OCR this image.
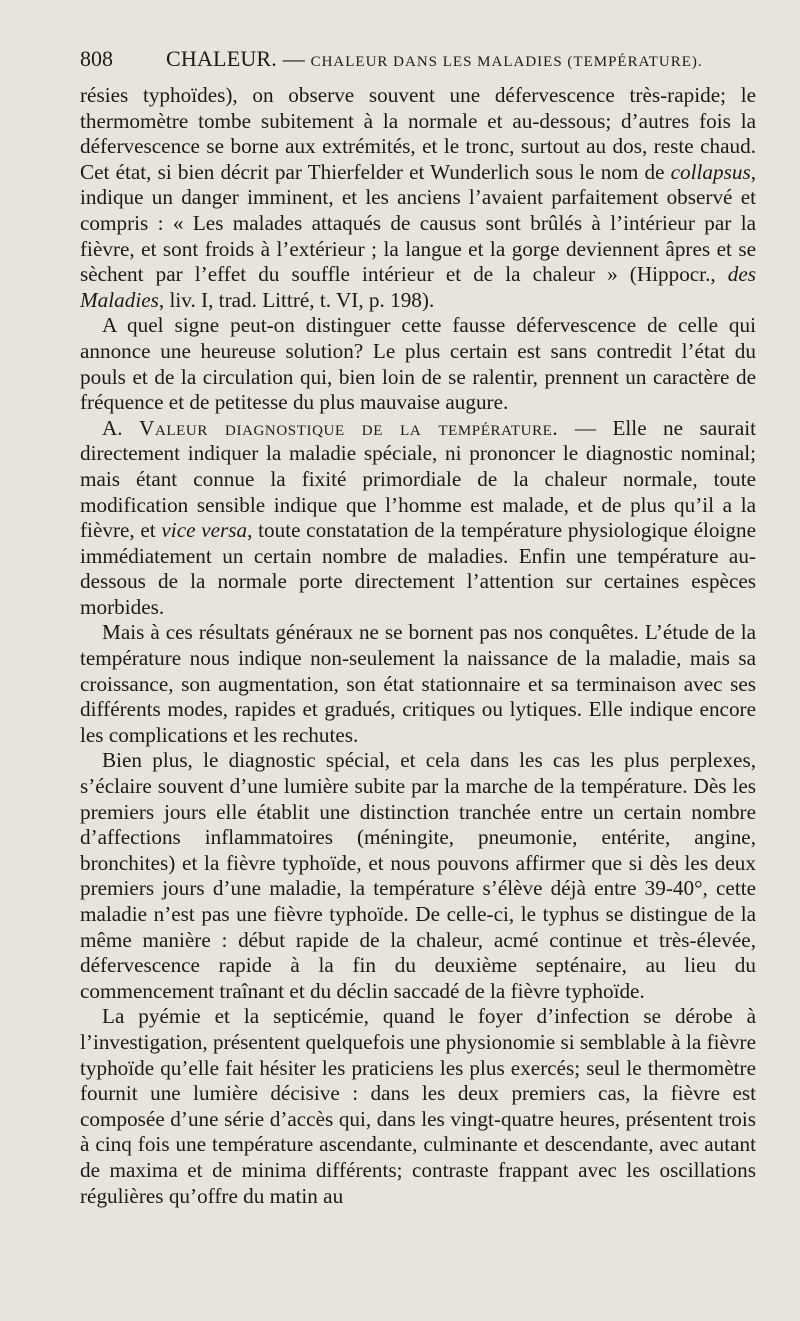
808	CHALEUR. — CHALEUR DANS LES MALADIES (TEMPÉRATURE).

résies typhoïdes), on observe souvent une défervescence très-rapide; le thermomètre tombe subitement à la normale et au-dessous; d’autres fois la défervescence se borne aux extrémités, et le tronc, surtout au dos, reste chaud. Cet état, si bien décrit par Thierfelder et Wunderlich sous le nom de collapsus, indique un danger imminent, et les anciens l’avaient parfaitement observé et compris : « Les malades attaqués de causus sont brûlés à l’intérieur par la fièvre, et sont froids à l’extérieur ; la langue et la gorge deviennent âpres et se sèchent par l’effet du souffle intérieur et de la chaleur » (Hippocr., des Maladies, liv. I, trad. Littré, t. VI, p. 198).

A quel signe peut-on distinguer cette fausse défervescence de celle qui annonce une heureuse solution? Le plus certain est sans contredit l’état du pouls et de la circulation qui, bien loin de se ralentir, prennent un caractère de fréquence et de petitesse du plus mauvaise augure.

A. Valeur diagnostique de la température. — Elle ne saurait directement indiquer la maladie spéciale, ni prononcer le diagnostic nominal; mais étant connue la fixité primordiale de la chaleur normale, toute modification sensible indique que l’homme est malade, et de plus qu’il a la fièvre, et vice versa, toute constatation de la température physiologique éloigne immédiatement un certain nombre de maladies. Enfin une température au-dessous de la normale porte directement l’attention sur certaines espèces morbides.

Mais à ces résultats généraux ne se bornent pas nos conquêtes. L’étude de la température nous indique non-seulement la naissance de la maladie, mais sa croissance, son augmentation, son état stationnaire et sa terminaison avec ses différents modes, rapides et gradués, critiques ou lytiques. Elle indique encore les complications et les rechutes.

Bien plus, le diagnostic spécial, et cela dans les cas les plus perplexes, s’éclaire souvent d’une lumière subite par la marche de la température. Dès les premiers jours elle établit une distinction tranchée entre un certain nombre d’affections inflammatoires (méningite, pneumonie, entérite, angine, bronchites) et la fièvre typhoïde, et nous pouvons affirmer que si dès les deux premiers jours d’une maladie, la température s’élève déjà entre 39-40°, cette maladie n’est pas une fièvre typhoïde. De celle-ci, le typhus se distingue de la même manière : début rapide de la chaleur, acmé continue et très-élevée, défervescence rapide à la fin du deuxième septénaire, au lieu du commencement traînant et du déclin saccadé de la fièvre typhoïde.

La pyémie et la septicémie, quand le foyer d’infection se dérobe à l’investigation, présentent quelquefois une physionomie si semblable à la fièvre typhoïde qu’elle fait hésiter les praticiens les plus exercés; seul le thermomètre fournit une lumière décisive : dans les deux premiers cas, la fièvre est composée d’une série d’accès qui, dans les vingt-quatre heures, présentent trois à cinq fois une température ascendante, culminante et descendante, avec autant de maxima et de minima différents; contraste frappant avec les oscillations régulières qu’offre du matin au
